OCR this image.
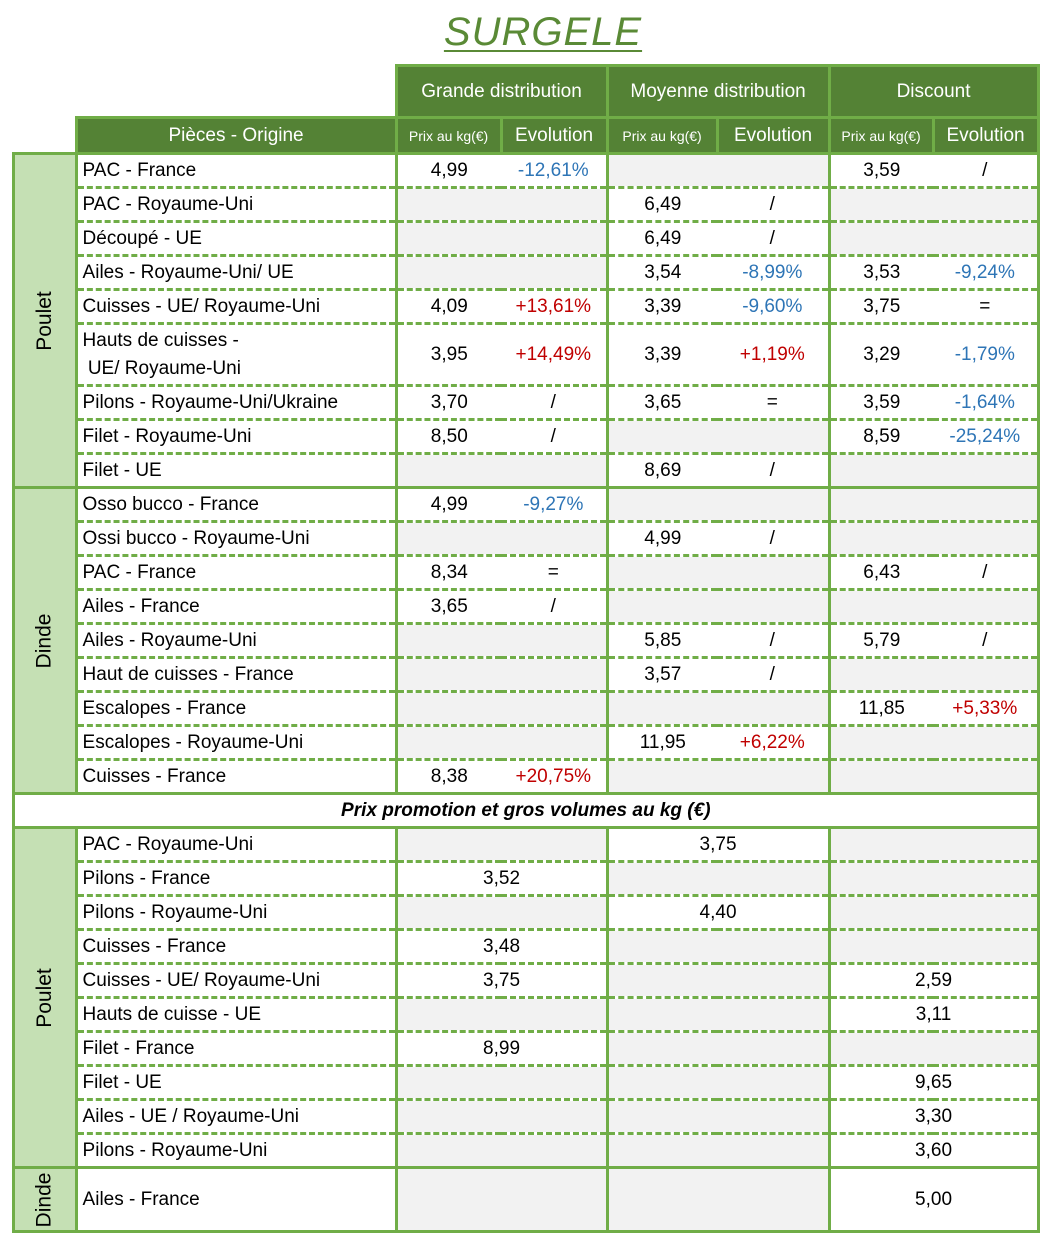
SURGELE
		Grande distribution		Moyenne distribution		Discount	
	Pièces - Origine	Prix au kg(€)	Evolution	Prix au kg(€)	Evolution	Prix au kg(€)	Evolution
Poulet	PAC - France	4,99	-12,61%			3,59	/
	PAC - Royaume-Uni			6,49	/		
	Découpé - UE			6,49	/		
	Ailes - Royaume-Uni/ UE			3,54	-8,99%	3,53	-9,24%
	Cuisses - UE/ Royaume-Uni	4,09	+13,61%	3,39	-9,60%	3,75	=

	Hauts de cuisses -
UE/ Royaume-Uni	3,95	+14,49%	3,39	+1,19%	3,29	-1,79%
	Pilons - Royaume-Uni/Ukraine	3,70	/	3,65	=	3,59	-1,64%
	Filet - Royaume-Uni	8,50	/			8,59	-25,24%
	Filet - UE			8,69	/		
Dinde	Osso bucco - France	4,99	-9,27%				
	Ossi bucco - Royaume-Uni			4,99	/		
	PAC - France	8,34	=			6,43	/
	Ailes - France	3,65	/				
	Ailes - Royaume-Uni			5,85	/	5,79	/
	Haut de cuisses - France			3,57	/		
	Escalopes - France					11,85	+5,33%
	Escalopes - Royaume-Uni			11,95	+6,22%		
	Cuisses - France	8,38	+20,75%				
Prix promotion et gros volumes au kg (€)							
Poulet	PAC - Royaume-Uni			3,75			
	Pilons - France	3,52					
	Pilons - Royaume-Uni			4,40			
	Cuisses - France	3,48					
	Cuisses - UE/ Royaume-Uni	3,75				2,59	
	Hauts de cuisse - UE					3,11	
	Filet - France	8,99					
	Filet - UE					9,65	
	Ailes - UE / Royaume-Uni					3,30	
	Pilons - Royaume-Uni					3,60	
Dinde	Ailes - France					5,00	
